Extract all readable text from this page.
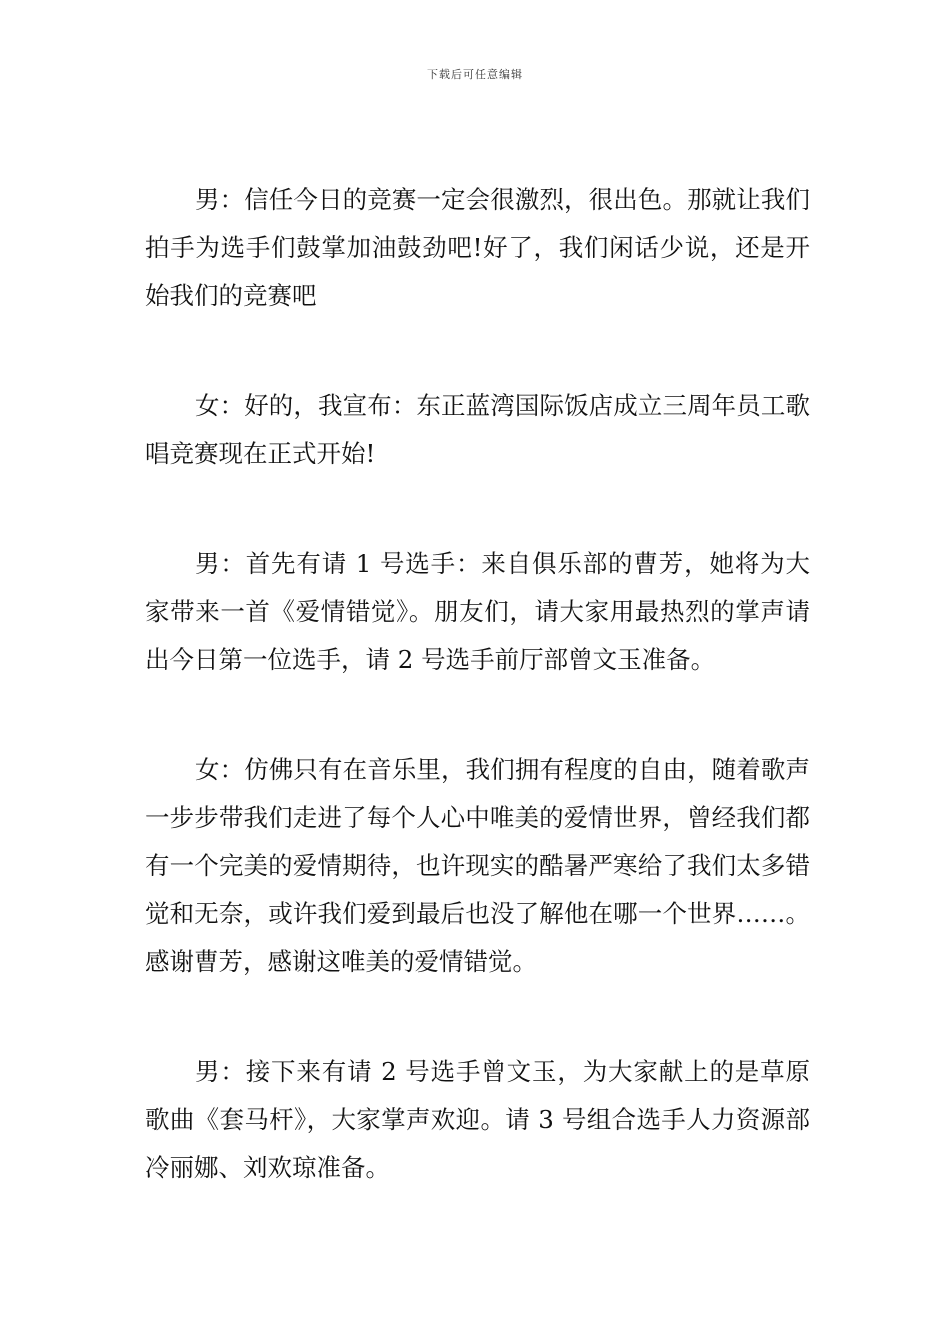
下载后可任意编辑

男：信任今日的竞赛一定会很激烈，很出色。那就让我们拍手为选手们鼓掌加油鼓劲吧!好了，我们闲话少说，还是开始我们的竞赛吧

女：好的，我宣布：东正蓝湾国际饭店成立三周年员工歌唱竞赛现在正式开始!

男：首先有请 1 号选手：来自俱乐部的曹芳，她将为大家带来一首《爱情错觉》。朋友们，请大家用最热烈的掌声请出今日第一位选手，请 2 号选手前厅部曾文玉准备。

女：仿佛只有在音乐里，我们拥有程度的自由，随着歌声一步步带我们走进了每个人心中唯美的爱情世界，曾经我们都有一个完美的爱情期待，也许现实的酷暑严寒给了我们太多错觉和无奈，或许我们爱到最后也没了解他在哪一个世界……。感谢曹芳，感谢这唯美的爱情错觉。

男：接下来有请 2 号选手曾文玉，为大家献上的是草原歌曲《套马杆》，大家掌声欢迎。请 3 号组合选手人力资源部冷丽娜、刘欢琼准备。
